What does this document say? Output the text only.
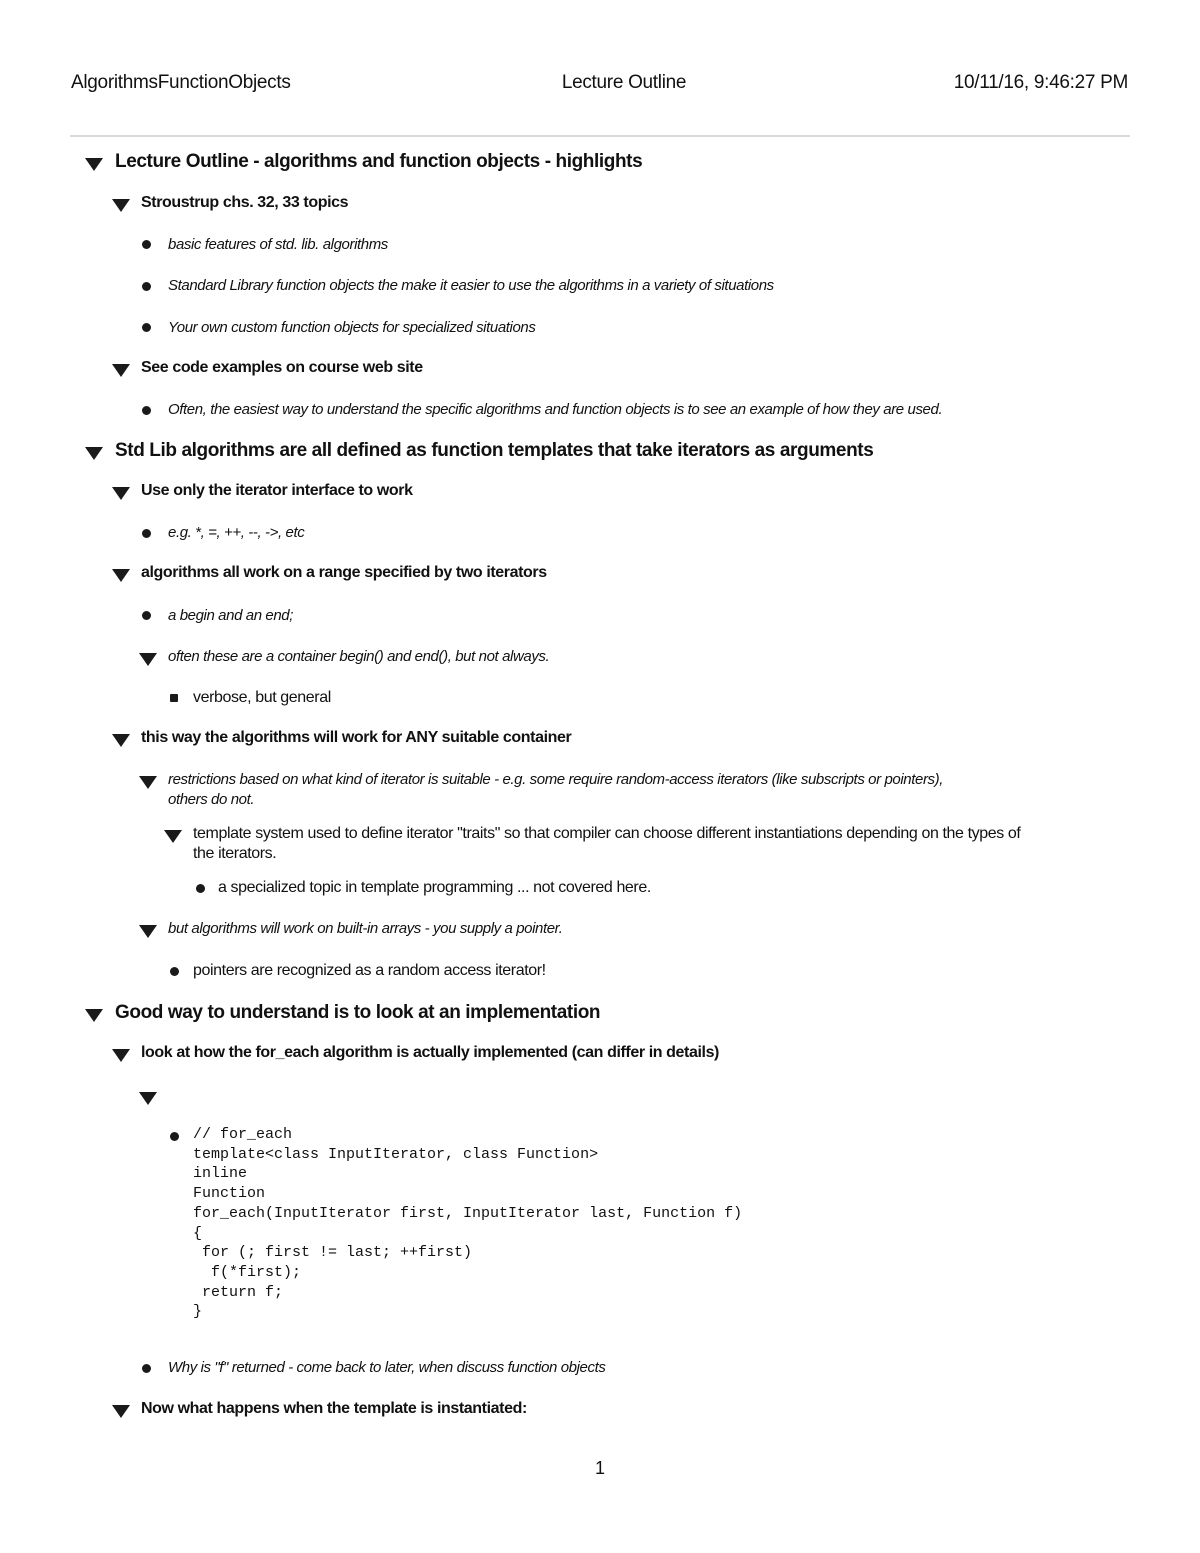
AlgorithmsFunctionObjects	Lecture Outline	10/11/16, 9:46:27 PM
Lecture Outline - algorithms and function objects - highlights
Stroustrup chs. 32, 33 topics
basic features of std. lib. algorithms
Standard Library function objects the make it easier to use the algorithms in a variety of situations
Your own custom function objects for specialized situations
See code examples on course web site
Often, the easiest way to understand the specific algorithms and function objects is to see an example of how they are used.
Std Lib algorithms are all defined as function templates that take iterators as arguments
Use only the iterator interface to work
e.g. *, =, ++, --, ->, etc
algorithms all work on a range specified by two iterators
a begin and an end;
often these are a container begin() and end(), but not always.
verbose, but general
this way the algorithms will work for ANY suitable container
restrictions based on what kind of iterator is suitable - e.g. some require random-access iterators (like subscripts or pointers),
others do not.
template system used to define iterator "traits" so that compiler can choose different instantiations depending on the types of
the iterators.
a specialized topic in template programming ... not covered here.
but algorithms will work on built-in arrays - you supply a pointer.
pointers are recognized as a random access iterator!
Good way to understand is to look at an implementation
look at how the for_each algorithm is actually implemented (can differ in details)
// for_each
template<class InputIterator, class Function>
inline
Function
for_each(InputIterator first, InputIterator last, Function f)
{
for (; first != last; ++first)
f(*first);
return f;
}
Why is "f" returned - come back to later, when discuss function objects
Now what happens when the template is instantiated:
1
